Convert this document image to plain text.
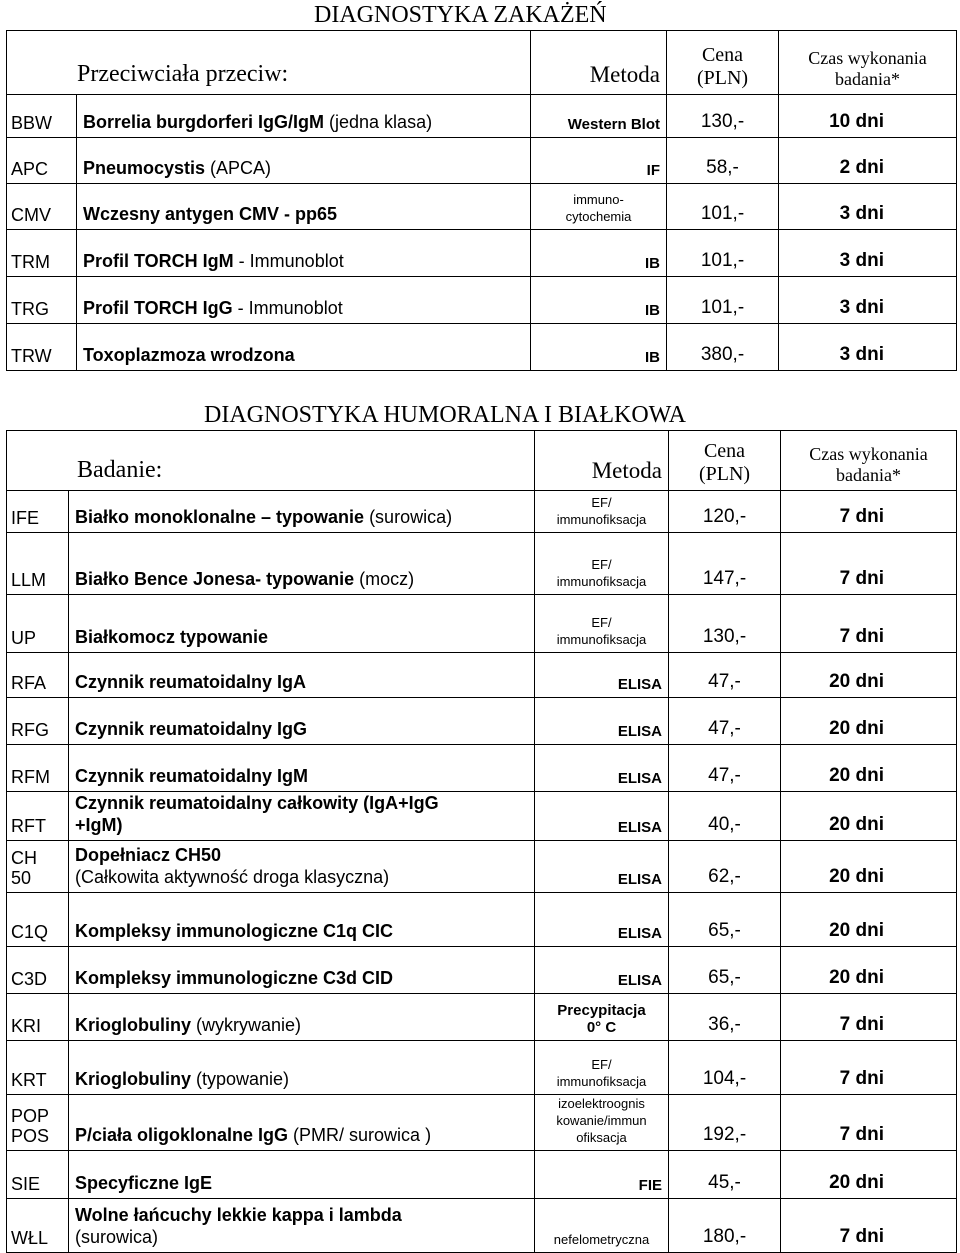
DIAGNOSTYKA ZAKAŻEŃ
Przeciwciała przeciw:		Metoda	Cena
(PLN)	Czas wykonania
badania*
BBW	Borrelia burgdorferi IgG/IgM (jedna klasa)	Western Blot	130,-	10 dni
APC	Pneumocystis (APCA)	IF	58,-	2 dni
CMV	Wczesny antygen CMV - pp65	immuno-
cytochemia	101,-	3 dni
TRM	Profil TORCH IgM - Immunoblot	IB	101,-	3 dni
TRG	Profil TORCH IgG - Immunoblot	IB	101,-	3 dni
TRW	Toxoplazmoza wrodzona	IB	380,-	3 dni
DIAGNOSTYKA HUMORALNA I BIAŁKOWA
Badanie:		Metoda	Cena
(PLN)	Czas wykonania
badania*
IFE	Białko monoklonalne – typowanie (surowica)	EF/
immunofiksacja	120,-	7 dni
LLM	Białko Bence Jonesa- typowanie (mocz)	EF/
immunofiksacja	147,-	7 dni
UP	Białkomocz typowanie	EF/
immunofiksacja	130,-	7 dni
RFA	Czynnik reumatoidalny IgA	ELISA	47,-	20 dni
RFG	Czynnik reumatoidalny IgG	ELISA	47,-	20 dni
RFM	Czynnik reumatoidalny IgM	ELISA	47,-	20 dni
RFT	Czynnik reumatoidalny całkowity (IgA+IgG
+IgM)	ELISA	40,-	20 dni
CH
50	Dopełniacz CH50
(Całkowita aktywność droga klasyczna)	ELISA	62,-	20 dni
C1Q	Kompleksy immunologiczne C1q CIC	ELISA	65,-	20 dni
C3D	Kompleksy immunologiczne C3d CID	ELISA	65,-	20 dni
KRI	Krioglobuliny (wykrywanie)	Precypitacja
0° C	36,-	7 dni
KRT	Krioglobuliny (typowanie)	EF/
immunofiksacja	104,-	7 dni
POP
POS	P/ciała oligoklonalne IgG (PMR/ surowica )	izoelektroognis
kowanie/immun
ofiksacja	192,-	7 dni
SIE	Specyficzne IgE	FIE	45,-	20 dni
WŁL	Wolne łańcuchy lekkie kappa i lambda
(surowica)	nefelometryczna	180,-	7 dni
